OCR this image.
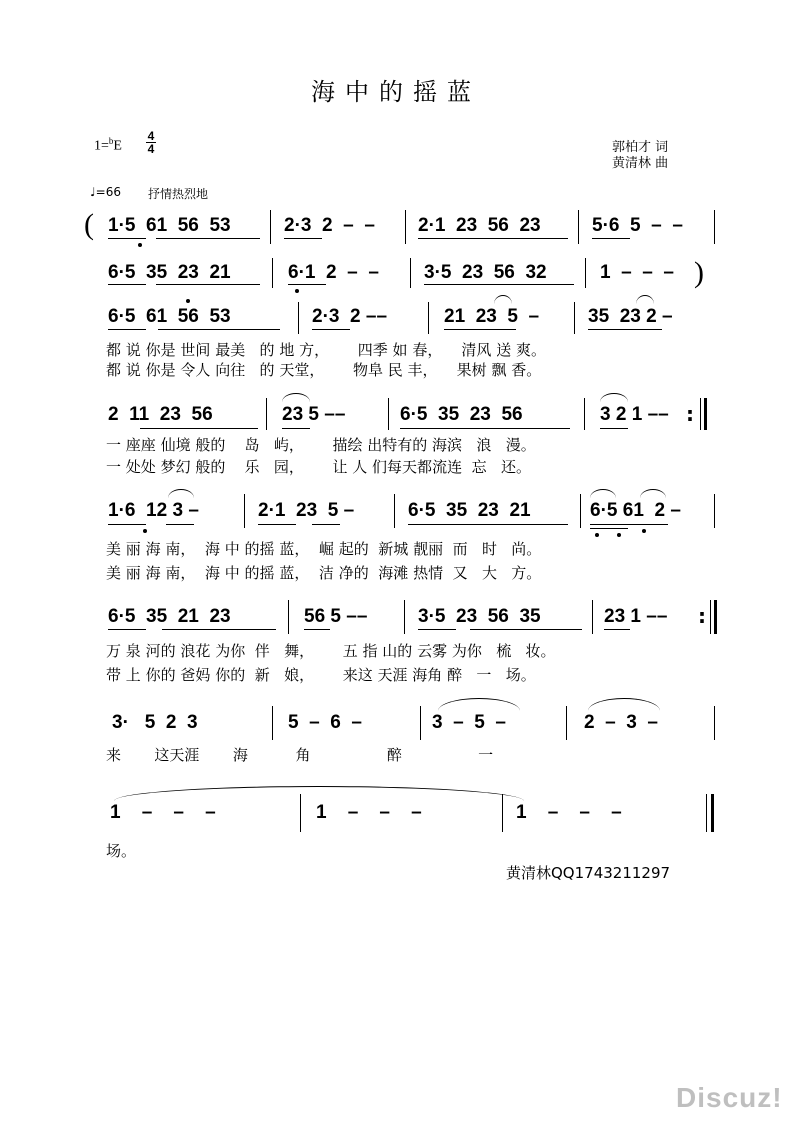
海中的摇蓝
1=$^b$E
4
4	郭柏才 词
黄清林 曲
♩=66 抒情热烈地
( 1·5 61 56 53	2·3 2 – – 2·1 23 56 23	5·6 5 – –
6·5 35 23 21	6·1 2 – – 3·5 23 56 32	1 – – – )
6·5 61 56 53	2·3 2 ––	21 23 5 –	35 23 2 –
都 说 你是 世间 最美 的 地 方， 四季 如 春， 清风 送 爽。
都 说 你是 令人 向往 的 天堂， 物阜 民 丰， 果树 飘 香。
2 11 23 56	23 5 ––	6·5 35 23 56	3 2 1 –– :
一 座座 仙境 般的 岛 屿， 描绘 出特有的 海滨 浪 漫。
一 处处 梦幻 般的 乐 园， 让 人 们每天都流连 忘 还。
1·6 12 3 –	2·1 23 5 –	6·5 35 23 21	6·5 61 2 –
美 丽 海 南， 海 中 的摇 蓝， 崛 起的 新城 靓丽 而 时 尚。
美 丽 海 南， 海 中 的摇 蓝， 洁 净的 海滩 热情 又 大 方。
6·5 35 21 23	56 5 ––	3·5 23 56 35	23 1 –– :
万 泉 河的 浪花 为你 伴 舞， 五 指 山的 云雾 为你 梳 妆。
带 上 你的 爸妈 你的 新 娘， 来这 天涯 海角 醉 一 场。
3· 5 2 3	5 – 6 –	3 – 5 –	2 – 3 –
来 这天涯 海	角	醉	一
1 – – –	1 – – –	1 – – –
场。
黄清林QQ1743211297
Discuz!
